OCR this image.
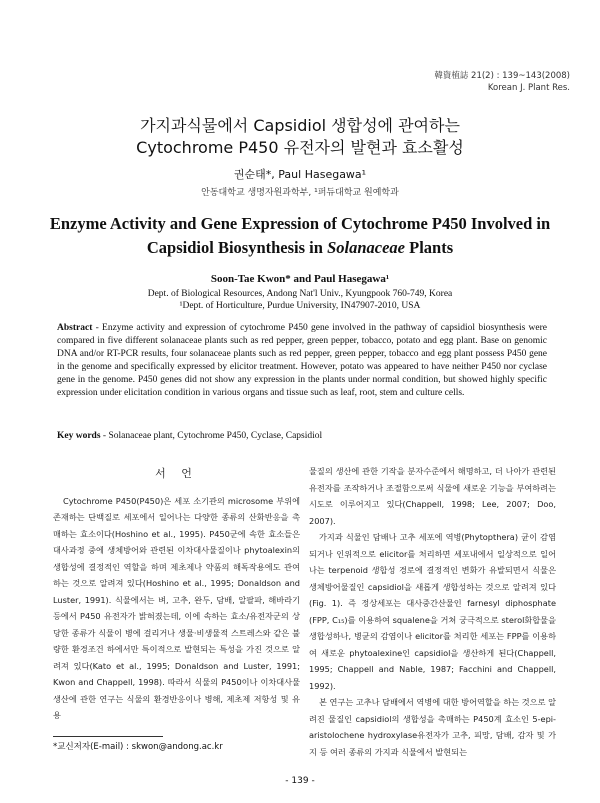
韓資植誌 21(2) : 139~143(2008)
Korean J. Plant Res.
가지과식물에서 Capsidiol 생합성에 관여하는
Cytochrome P450 유전자의 발현과 효소활성
권순태*, Paul Hasegawa¹
안동대학교 생명자원과학부, ¹퍼듀대학교 원예학과
Enzyme Activity and Gene Expression of Cytochrome P450 Involved in
Capsidiol Biosynthesis in Solanaceae Plants
Soon-Tae Kwon* and Paul Hasegawa¹
Dept. of Biological Resources, Andong Nat'l Univ., Kyungpook 760-749, Korea
¹Dept. of Horticulture, Purdue University, IN47907-2010, USA
Abstract - Enzyme activity and expression of cytochrome P450 gene involved in the pathway of capsidiol biosynthesis were compared in five different solanaceae plants such as red pepper, green pepper, tobacco, potato and egg plant. Base on genomic DNA and/or RT-PCR results, four solanaceae plants such as red pepper, green pepper, tobacco and egg plant possess P450 gene in the genome and specifically expressed by elicitor treatment. However, potato was appeared to have neither P450 nor cyclase gene in the genome. P450 genes did not show any expression in the plants under normal condition, but showed highly specific expression under elicitation condition in various organs and tissue such as leaf, root, stem and culture cells.
Key words - Solanaceae plant, Cytochrome P450, Cyclase, Capsidiol
서 언

Cytochrome P450(P450)은 세포 소기관의 microsome 부위에 존재하는 단백질로 세포에서 일어나는 다양한 종류의 산화반응을 촉매하는 효소이다(Hoshino et al., 1995). P450군에 속한 효소들은 대사과정 중에 생체방어와 관련된 이차대사물질이나 phytoalexin의 생합성에 결정적인 역할을 하며 제초제나 약품의 해독작용에도 관여하는 것으로 알려져 있다(Hoshino et al., 1995; Donaldson and Luster, 1991). 식물에서는 벼, 고추, 완두, 담배, 알팔파, 해바라기 등에서 P450 유전자가 밝혀졌는데, 이에 속하는 효소/유전자군의 상당한 종류가 식물이 병에 걸리거나 생물·비생물적 스트레스와 같은 불량한 환경조건 하에서만 특이적으로 발현되는 특성을 가진 것으로 알려져 있다(Kato et al., 1995; Donaldson and Luster, 1991; Kwon and Chappell, 1998). 따라서 식물의 P450이나 이차대사물 생산에 관한 연구는 식물의 환경반응이나 병해, 제초제 저항성 및 유용

물질의 생산에 관한 기작을 분자수준에서 해명하고, 더 나아가 관련된 유전자를 조작하거나 조절함으로써 식물에 새로운 기능을 부여하려는 시도로 이루어지고 있다(Chappell, 1998; Lee, 2007; Doo, 2007).

가지과 식물인 담배나 고추 세포에 역병(Phytopthera) 균이 감염되거나 인위적으로 elicitor를 처리하면 세포내에서 일상적으로 일어나는 terpenoid 생합성 경로에 결정적인 변화가 유발되면서 식물은 생체방어물질인 capsidiol을 새롭게 생합성하는 것으로 알려져 있다(Fig. 1). 즉 정상세포는 대사중간산물인 farnesyl diphosphate (FPP, C₁₅)를 이용하여 squalene을 거쳐 궁극적으로 sterol화합물을 생합성하나, 병균의 감염이나 elicitor를 처리한 세포는 FPP를 이용하여 새로운 phytoalexine인 capsidiol을 생산하게 된다(Chappell, 1995; Chappell and Nable, 1987; Facchini and Chappell, 1992).

본 연구는 고추나 담배에서 역병에 대한 방어역할을 하는 것으로 알려진 물질인 capsidiol의 생합성을 촉매하는 P450계 효소인 5-epi-aristolochene hydroxylase유전자가 고추, 피망, 담배, 감자 및 가지 등 여러 종류의 가지과 식물에서 발현되는

*교신저자(E-mail) : skwon@andong.ac.kr
- 139 -
